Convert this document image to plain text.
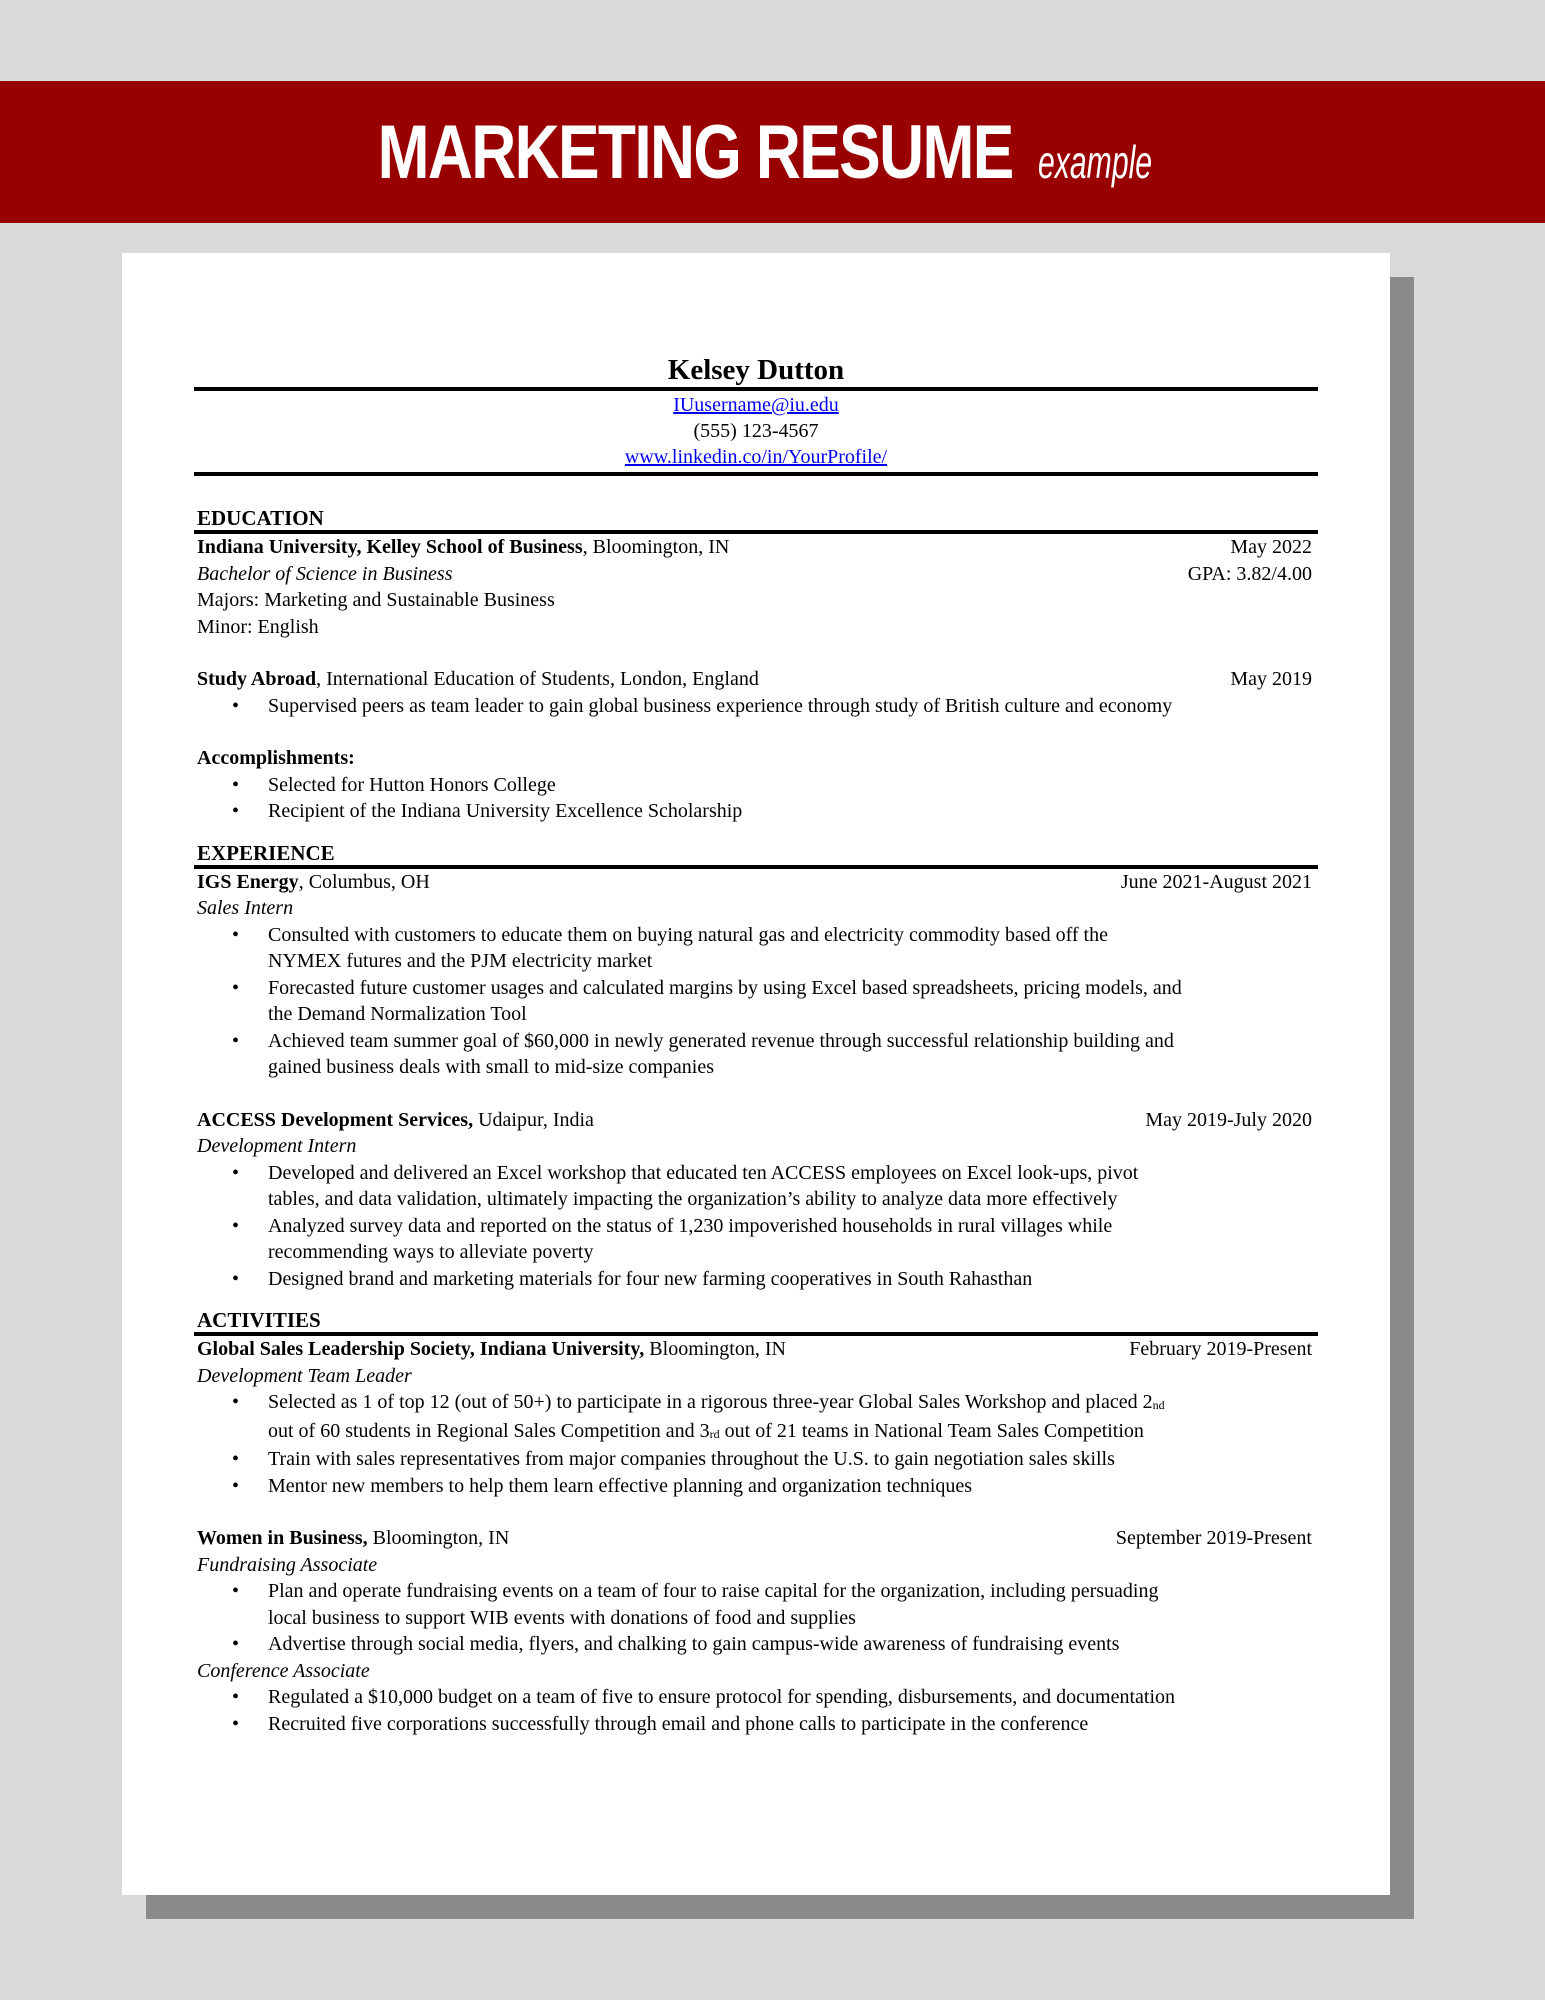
MARKETING RESUME example
Kelsey Dutton
IUusername@iu.edu
(555) 123-4567
www.linkedin.co/in/YourProfile/
EDUCATION
Indiana University, Kelley School of Business, Bloomington, IN	May 2022
Bachelor of Science in Business	GPA: 3.82/4.00
Majors: Marketing and Sustainable Business
Minor: English
Study Abroad, International Education of Students, London, England	May 2019
• Supervised peers as team leader to gain global business experience through study of British culture and economy
Accomplishments:
• Selected for Hutton Honors College
• Recipient of the Indiana University Excellence Scholarship
EXPERIENCE
IGS Energy, Columbus, OH	June 2021-August 2021
Sales Intern
• Consulted with customers to educate them on buying natural gas and electricity commodity based off the
NYMEX futures and the PJM electricity market
• Forecasted future customer usages and calculated margins by using Excel based spreadsheets, pricing models, and
the Demand Normalization Tool
• Achieved team summer goal of $60,000 in newly generated revenue through successful relationship building and
gained business deals with small to mid-size companies
ACCESS Development Services, Udaipur, India	May 2019-July 2020
Development Intern
• Developed and delivered an Excel workshop that educated ten ACCESS employees on Excel look-ups, pivot
tables, and data validation, ultimately impacting the organization’s ability to analyze data more effectively
• Analyzed survey data and reported on the status of 1,230 impoverished households in rural villages while
recommending ways to alleviate poverty
• Designed brand and marketing materials for four new farming cooperatives in South Rahasthan
ACTIVITIES
Global Sales Leadership Society, Indiana University, Bloomington, IN	February 2019-Present
Development Team Leader
• Selected as 1 of top 12 (out of 50+) to participate in a rigorous three-year Global Sales Workshop and placed 2nd
out of 60 students in Regional Sales Competition and 3rd out of 21 teams in National Team Sales Competition
• Train with sales representatives from major companies throughout the U.S. to gain negotiation sales skills
• Mentor new members to help them learn effective planning and organization techniques
Women in Business, Bloomington, IN	September 2019-Present
Fundraising Associate
• Plan and operate fundraising events on a team of four to raise capital for the organization, including persuading
local business to support WIB events with donations of food and supplies
• Advertise through social media, flyers, and chalking to gain campus-wide awareness of fundraising events
Conference Associate
• Regulated a $10,000 budget on a team of five to ensure protocol for spending, disbursements, and documentation
• Recruited five corporations successfully through email and phone calls to participate in the conference
